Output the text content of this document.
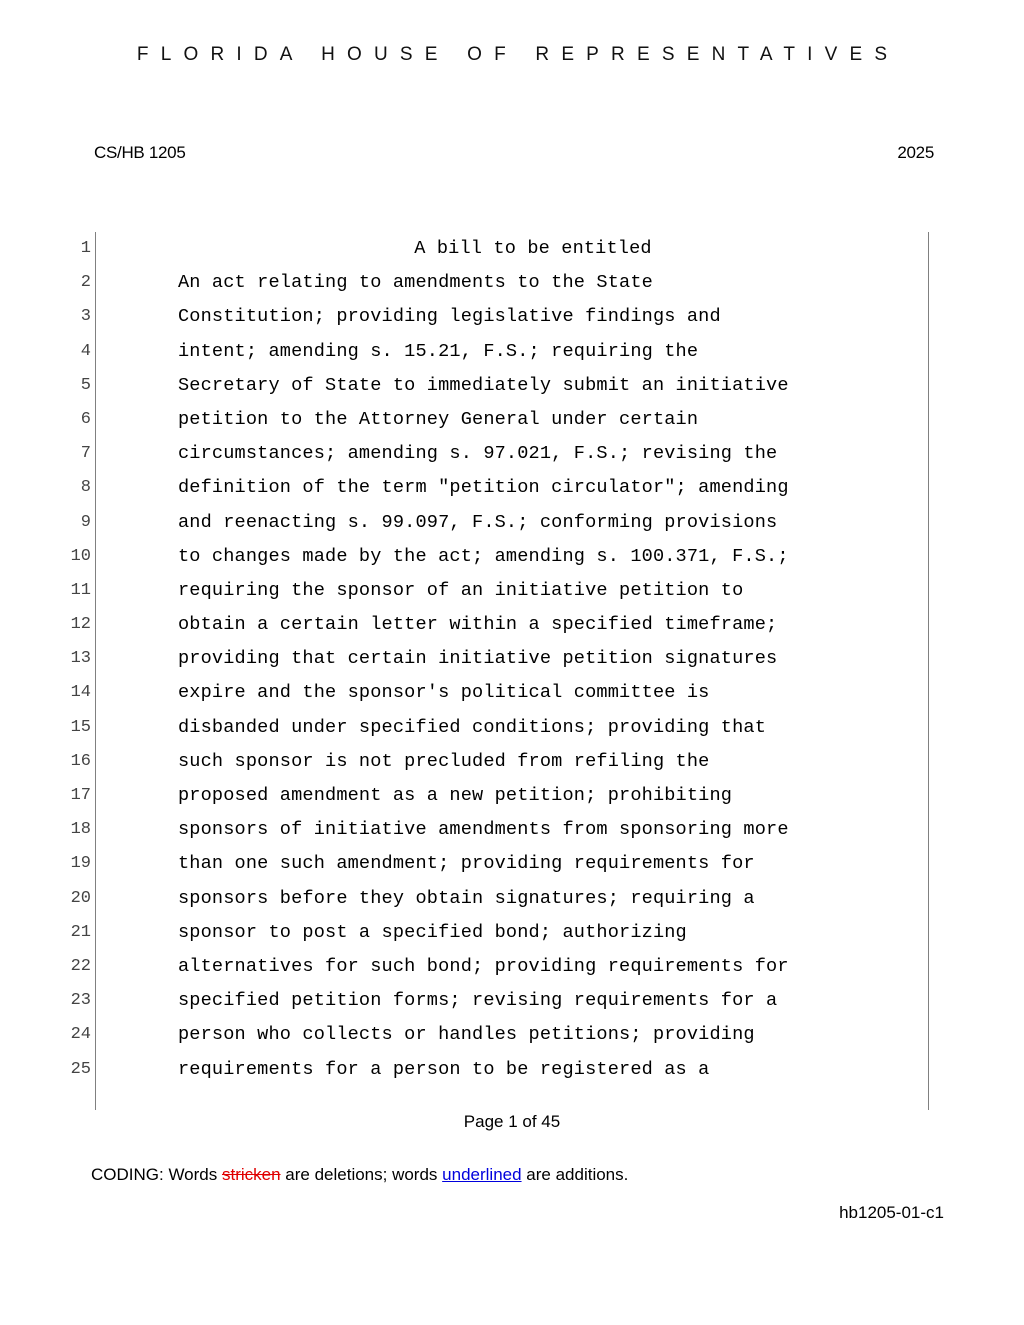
FLORIDA HOUSE OF REPRESENTATIVES
CS/HB 1205	2025
1	A bill to be entitled
2	An act relating to amendments to the State
3	Constitution; providing legislative findings and
4	intent; amending s. 15.21, F.S.; requiring the
5	Secretary of State to immediately submit an initiative
6	petition to the Attorney General under certain
7	circumstances; amending s. 97.021, F.S.; revising the
8	definition of the term "petition circulator"; amending
9	and reenacting s. 99.097, F.S.; conforming provisions
10	to changes made by the act; amending s. 100.371, F.S.;
11	requiring the sponsor of an initiative petition to
12	obtain a certain letter within a specified timeframe;
13	providing that certain initiative petition signatures
14	expire and the sponsor's political committee is
15	disbanded under specified conditions; providing that
16	such sponsor is not precluded from refiling the
17	proposed amendment as a new petition; prohibiting
18	sponsors of initiative amendments from sponsoring more
19	than one such amendment; providing requirements for
20	sponsors before they obtain signatures; requiring a
21	sponsor to post a specified bond; authorizing
22	alternatives for such bond; providing requirements for
23	specified petition forms; revising requirements for a
24	person who collects or handles petitions; providing
25	requirements for a person to be registered as a
Page 1 of 45
CODING: Words stricken are deletions; words underlined are additions.
hb1205-01-c1
